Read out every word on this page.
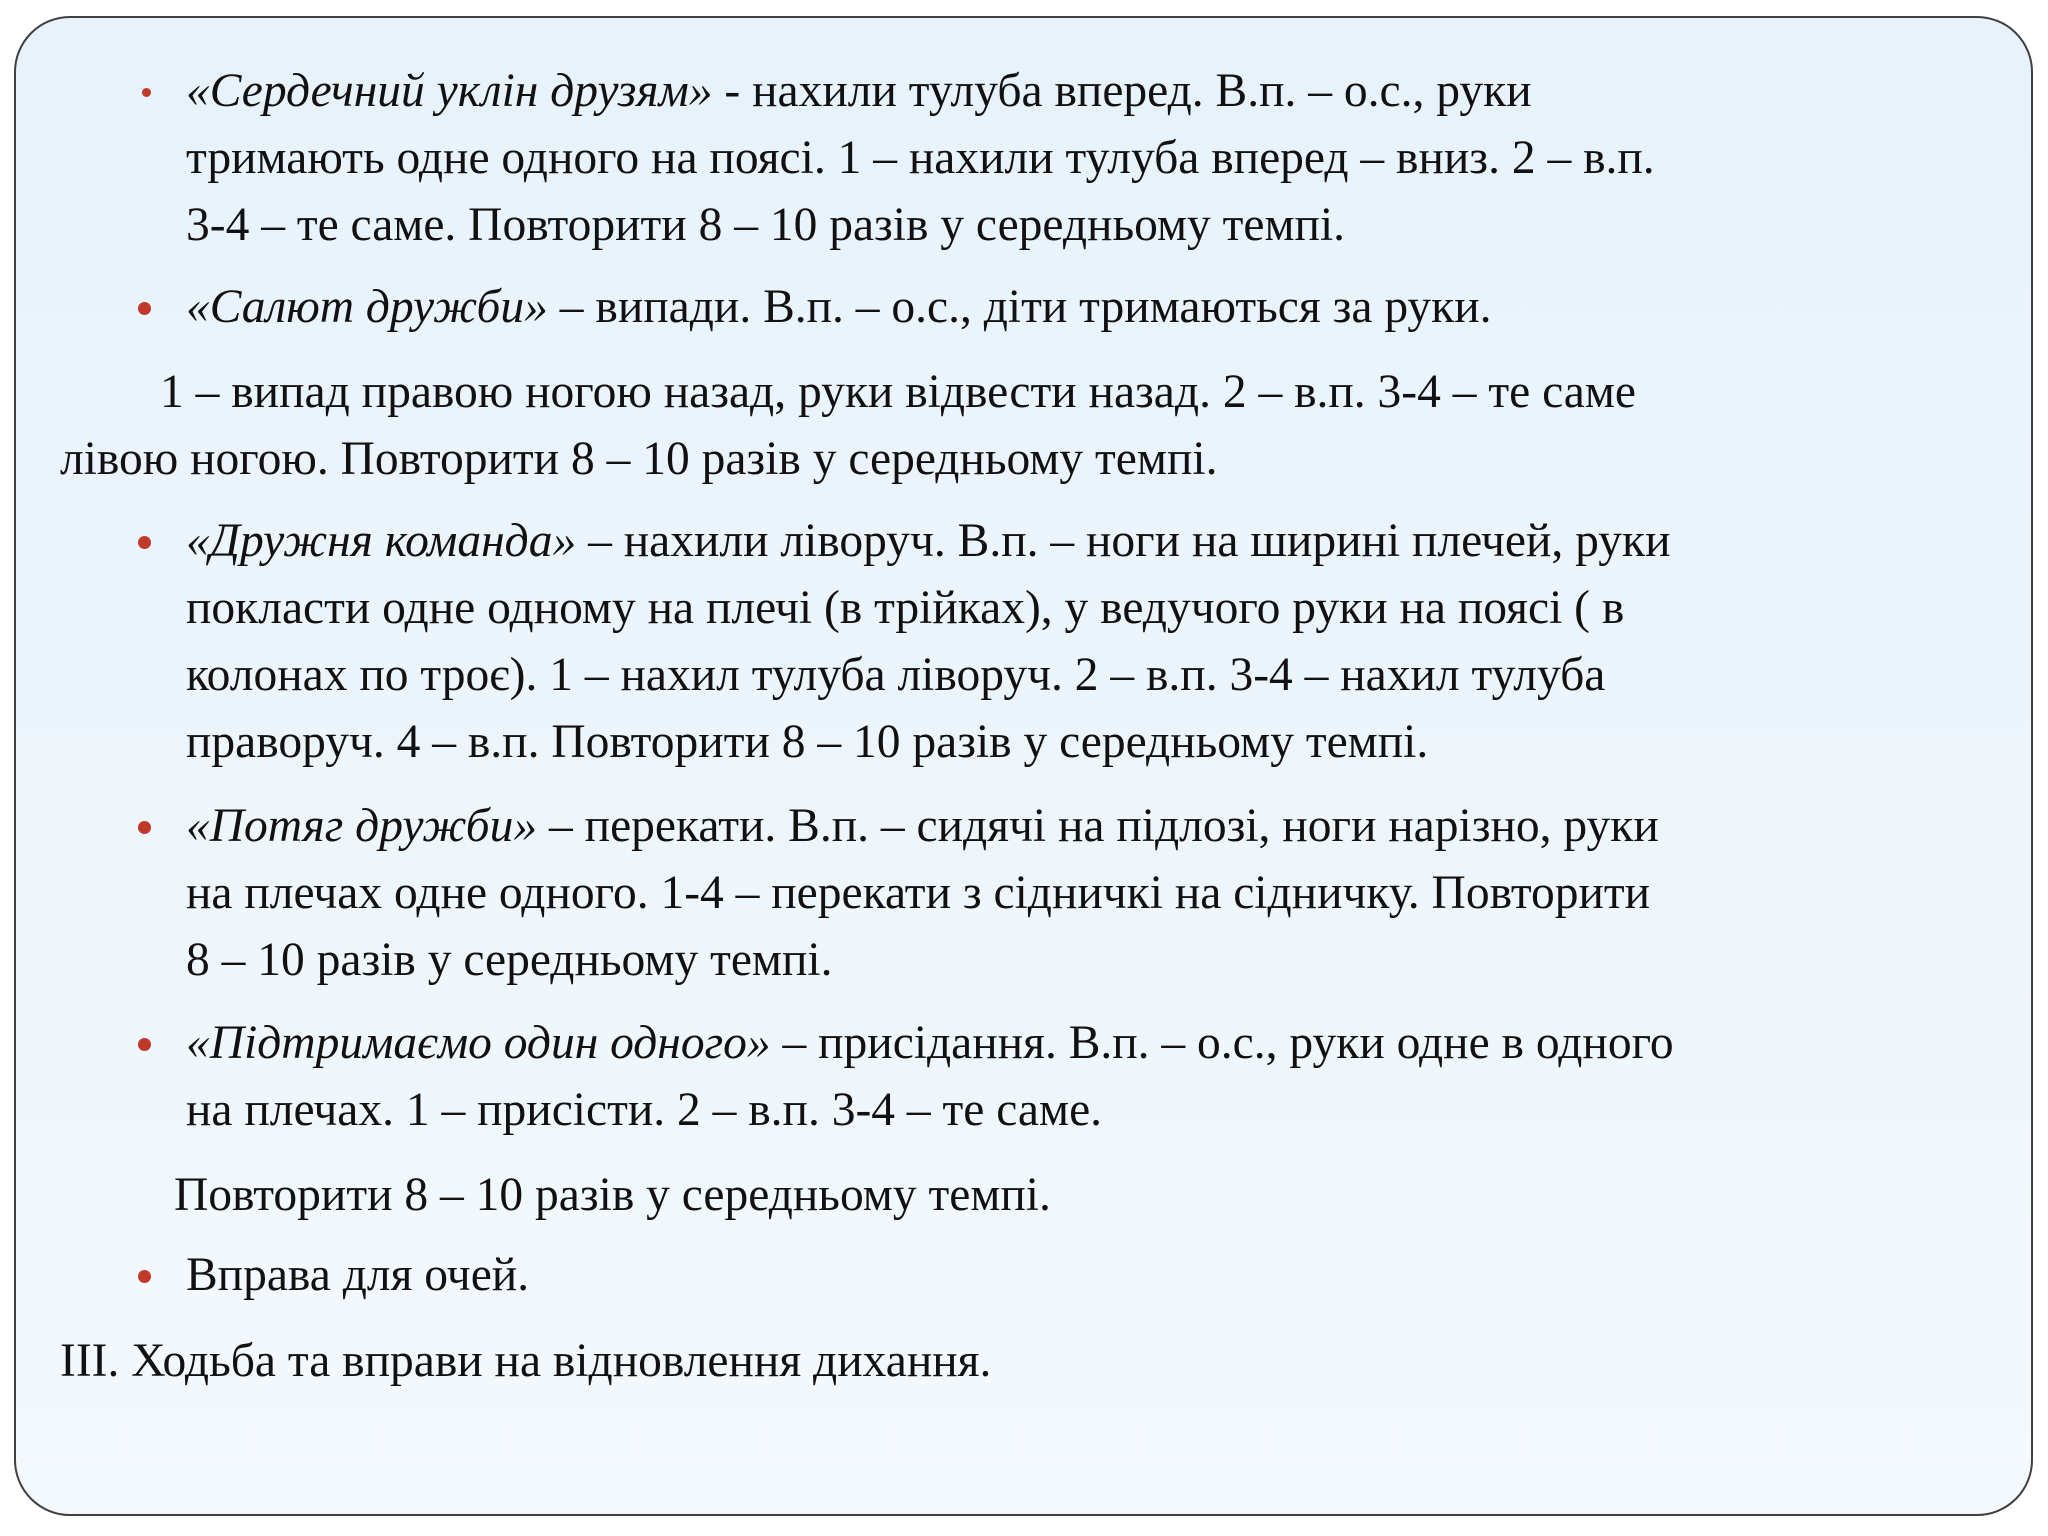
«Сердечний уклін друзям» - нахили тулуба вперед. В.п. – о.с., руки
тримають одне одного на поясі. 1 – нахили тулуба вперед – вниз. 2 – в.п.
3-4 – те саме. Повторити 8 – 10 разів у середньому темпі.
«Салют дружби» – випади. В.п. – о.с., діти тримаються за руки.
1 – випад правою ногою назад, руки відвести назад. 2 – в.п. 3-4 – те саме
лівою ногою. Повторити 8 – 10 разів у середньому темпі.
«Дружня команда» – нахили ліворуч. В.п. – ноги на ширині плечей, руки
покласти одне одному на плечі (в трійках), у ведучого руки на поясі ( в
колонах по троє). 1 – нахил тулуба ліворуч. 2 – в.п. 3-4 – нахил тулуба
праворуч. 4 – в.п. Повторити 8 – 10 разів у середньому темпі.
«Потяг дружби» – перекати. В.п. – сидячі на підлозі, ноги нарізно, руки
на плечах одне одного. 1-4 – перекати з сідничкі на сідничку. Повторити
8 – 10 разів у середньому темпі.
«Підтримаємо один одного» – присідання. В.п. – о.с., руки одне в одного
на плечах. 1 – присісти. 2 – в.п. 3-4 – те саме.
Повторити 8 – 10 разів у середньому темпі.
Вправа для очей.
ІІІ. Ходьба та вправи на відновлення дихання.
